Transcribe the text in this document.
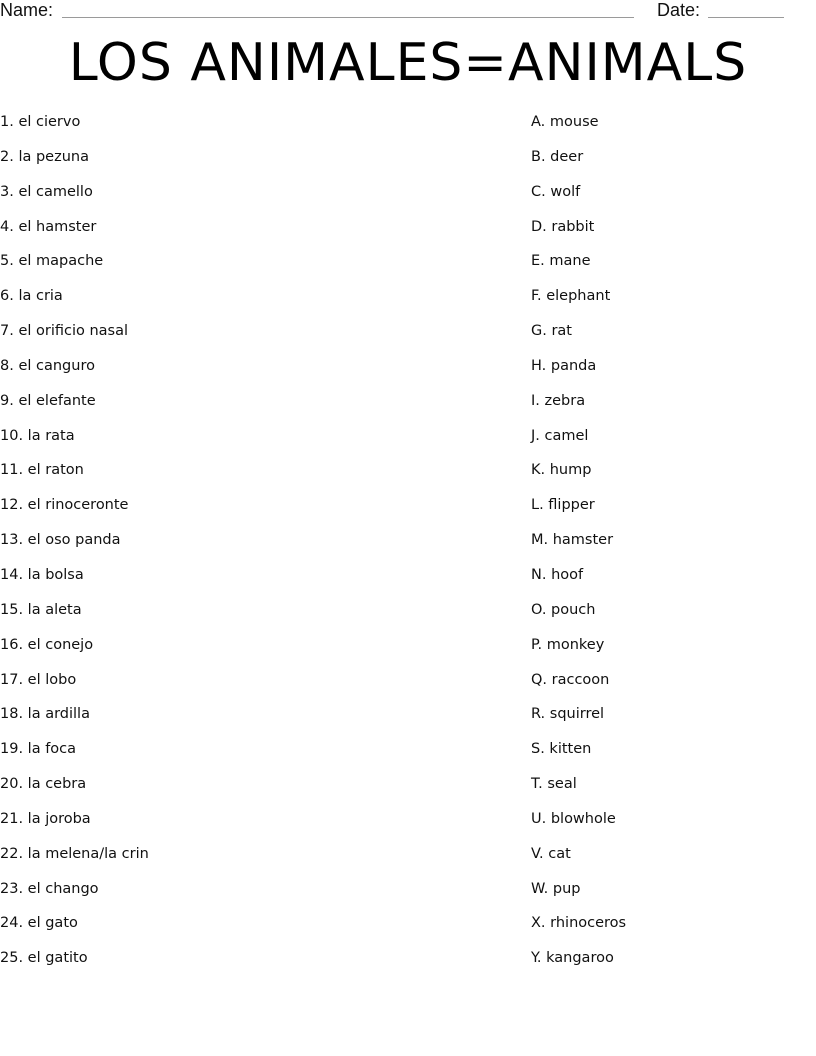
Name:	Date:
LOS ANIMALES=ANIMALS
1. el ciervo
2. la pezuna
3. el camello
4. el hamster
5. el mapache
6. la cria
7. el orificio nasal
8. el canguro
9. el elefante
10. la rata
11. el raton
12. el rinoceronte
13. el oso panda
14. la bolsa
15. la aleta
16. el conejo
17. el lobo
18. la ardilla
19. la foca
20. la cebra
21. la joroba
22. la melena/la crin
23. el chango
24. el gato
25. el gatito
A. mouse
B. deer
C. wolf
D. rabbit
E. mane
F. elephant
G. rat
H. panda
I. zebra
J. camel
K. hump
L. flipper
M. hamster
N. hoof
O. pouch
P. monkey
Q. raccoon
R. squirrel
S. kitten
T. seal
U. blowhole
V. cat
W. pup
X. rhinoceros
Y. kangaroo
